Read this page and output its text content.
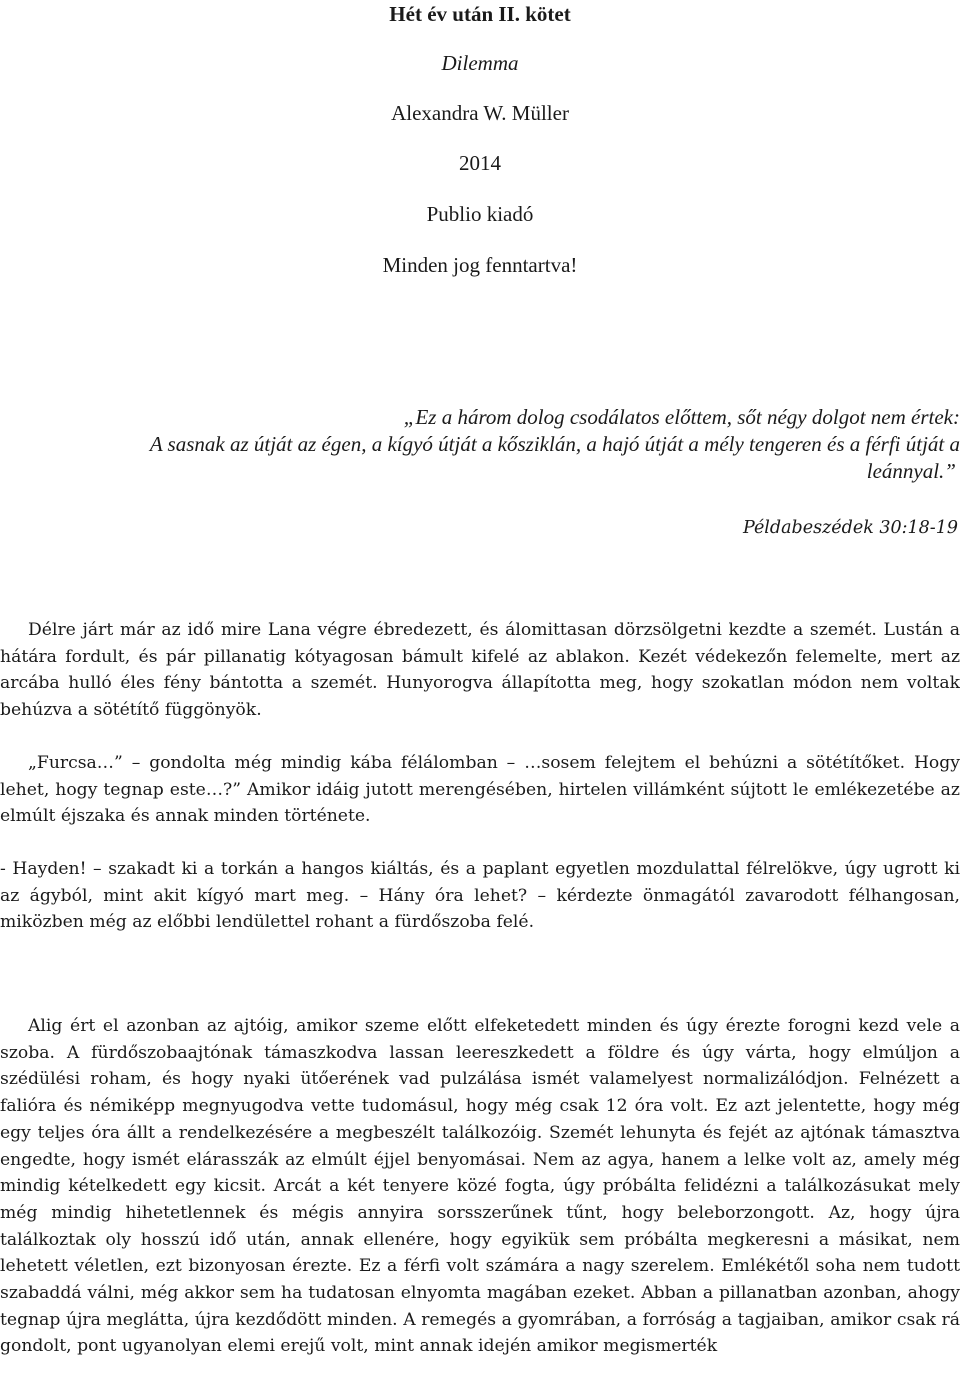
Hét év után II. kötet
Dilemma
Alexandra W. Müller
2014
Publio kiadó
Minden jog fenntartva!
„Ez a három dolog csodálatos előttem, sőt négy dolgot nem értek:
A sasnak az útját az égen, a kígyó útját a kősziklán, a hajó útját a mély tengeren és a férfi útját a
leánnyal.”
Példabeszédek 30:18-19

Délre járt már az idő mire Lana végre ébredezett, és álomittasan dörzsölgetni kezdte a szemét. Lustán a hátára fordult, és pár pillanatig kótyagosan bámult kifelé az ablakon. Kezét védekezőn felemelte, mert az arcába hulló éles fény bántotta a szemét. Hunyorogva állapította meg, hogy szokatlan módon nem voltak behúzva a sötétítő függönyök.

„Furcsa…” – gondolta még mindig kába félálomban – …sosem felejtem el behúzni a sötétítőket. Hogy lehet, hogy tegnap este…?” Amikor idáig jutott merengésében, hirtelen villámként sújtott le emlékezetébe az elmúlt éjszaka és annak minden története.

- Hayden! – szakadt ki a torkán a hangos kiáltás, és a paplant egyetlen mozdulattal félrelökve, úgy ugrott ki az ágyból, mint akit kígyó mart meg. – Hány óra lehet? – kérdezte önmagától zavarodott félhangosan, miközben még az előbbi lendülettel rohant a fürdőszoba felé.

Alig ért el azonban az ajtóig, amikor szeme előtt elfeketedett minden és úgy érezte forogni kezd vele a szoba. A fürdőszobaajtónak támaszkodva lassan leereszkedett a földre és úgy várta, hogy elmúljon a szédülési roham, és hogy nyaki ütőerének vad pulzálása ismét valamelyest normalizálódjon. Felnézett a falióra és némiképp megnyugodva vette tudomásul, hogy még csak 12 óra volt. Ez azt jelentette, hogy még egy teljes óra állt a rendelkezésére a megbeszélt találkozóig. Szemét lehunyta és fejét az ajtónak támasztva engedte, hogy ismét elárasszák az elmúlt éjjel benyomásai. Nem az agya, hanem a lelke volt az, amely még mindig kételkedett egy kicsit. Arcát a két tenyere közé fogta, úgy próbálta felidézni a találkozásukat mely még mindig hihetetlennek és mégis annyira sorsszerűnek tűnt, hogy beleborzongott. Az, hogy újra találkoztak oly hosszú idő után, annak ellenére, hogy egyikük sem próbálta megkeresni a másikat, nem lehetett véletlen, ezt bizonyosan érezte. Ez a férfi volt számára a nagy szerelem. Emlékétől soha nem tudott szabaddá válni, még akkor sem ha tudatosan elnyomta magában ezeket. Abban a pillanatban azonban, ahogy tegnap újra meglátta, újra kezdődött minden. A remegés a gyomrában, a forróság a tagjaiban, amikor csak rá gondolt, pont ugyanolyan elemi erejű volt, mint annak idején amikor megismerték
